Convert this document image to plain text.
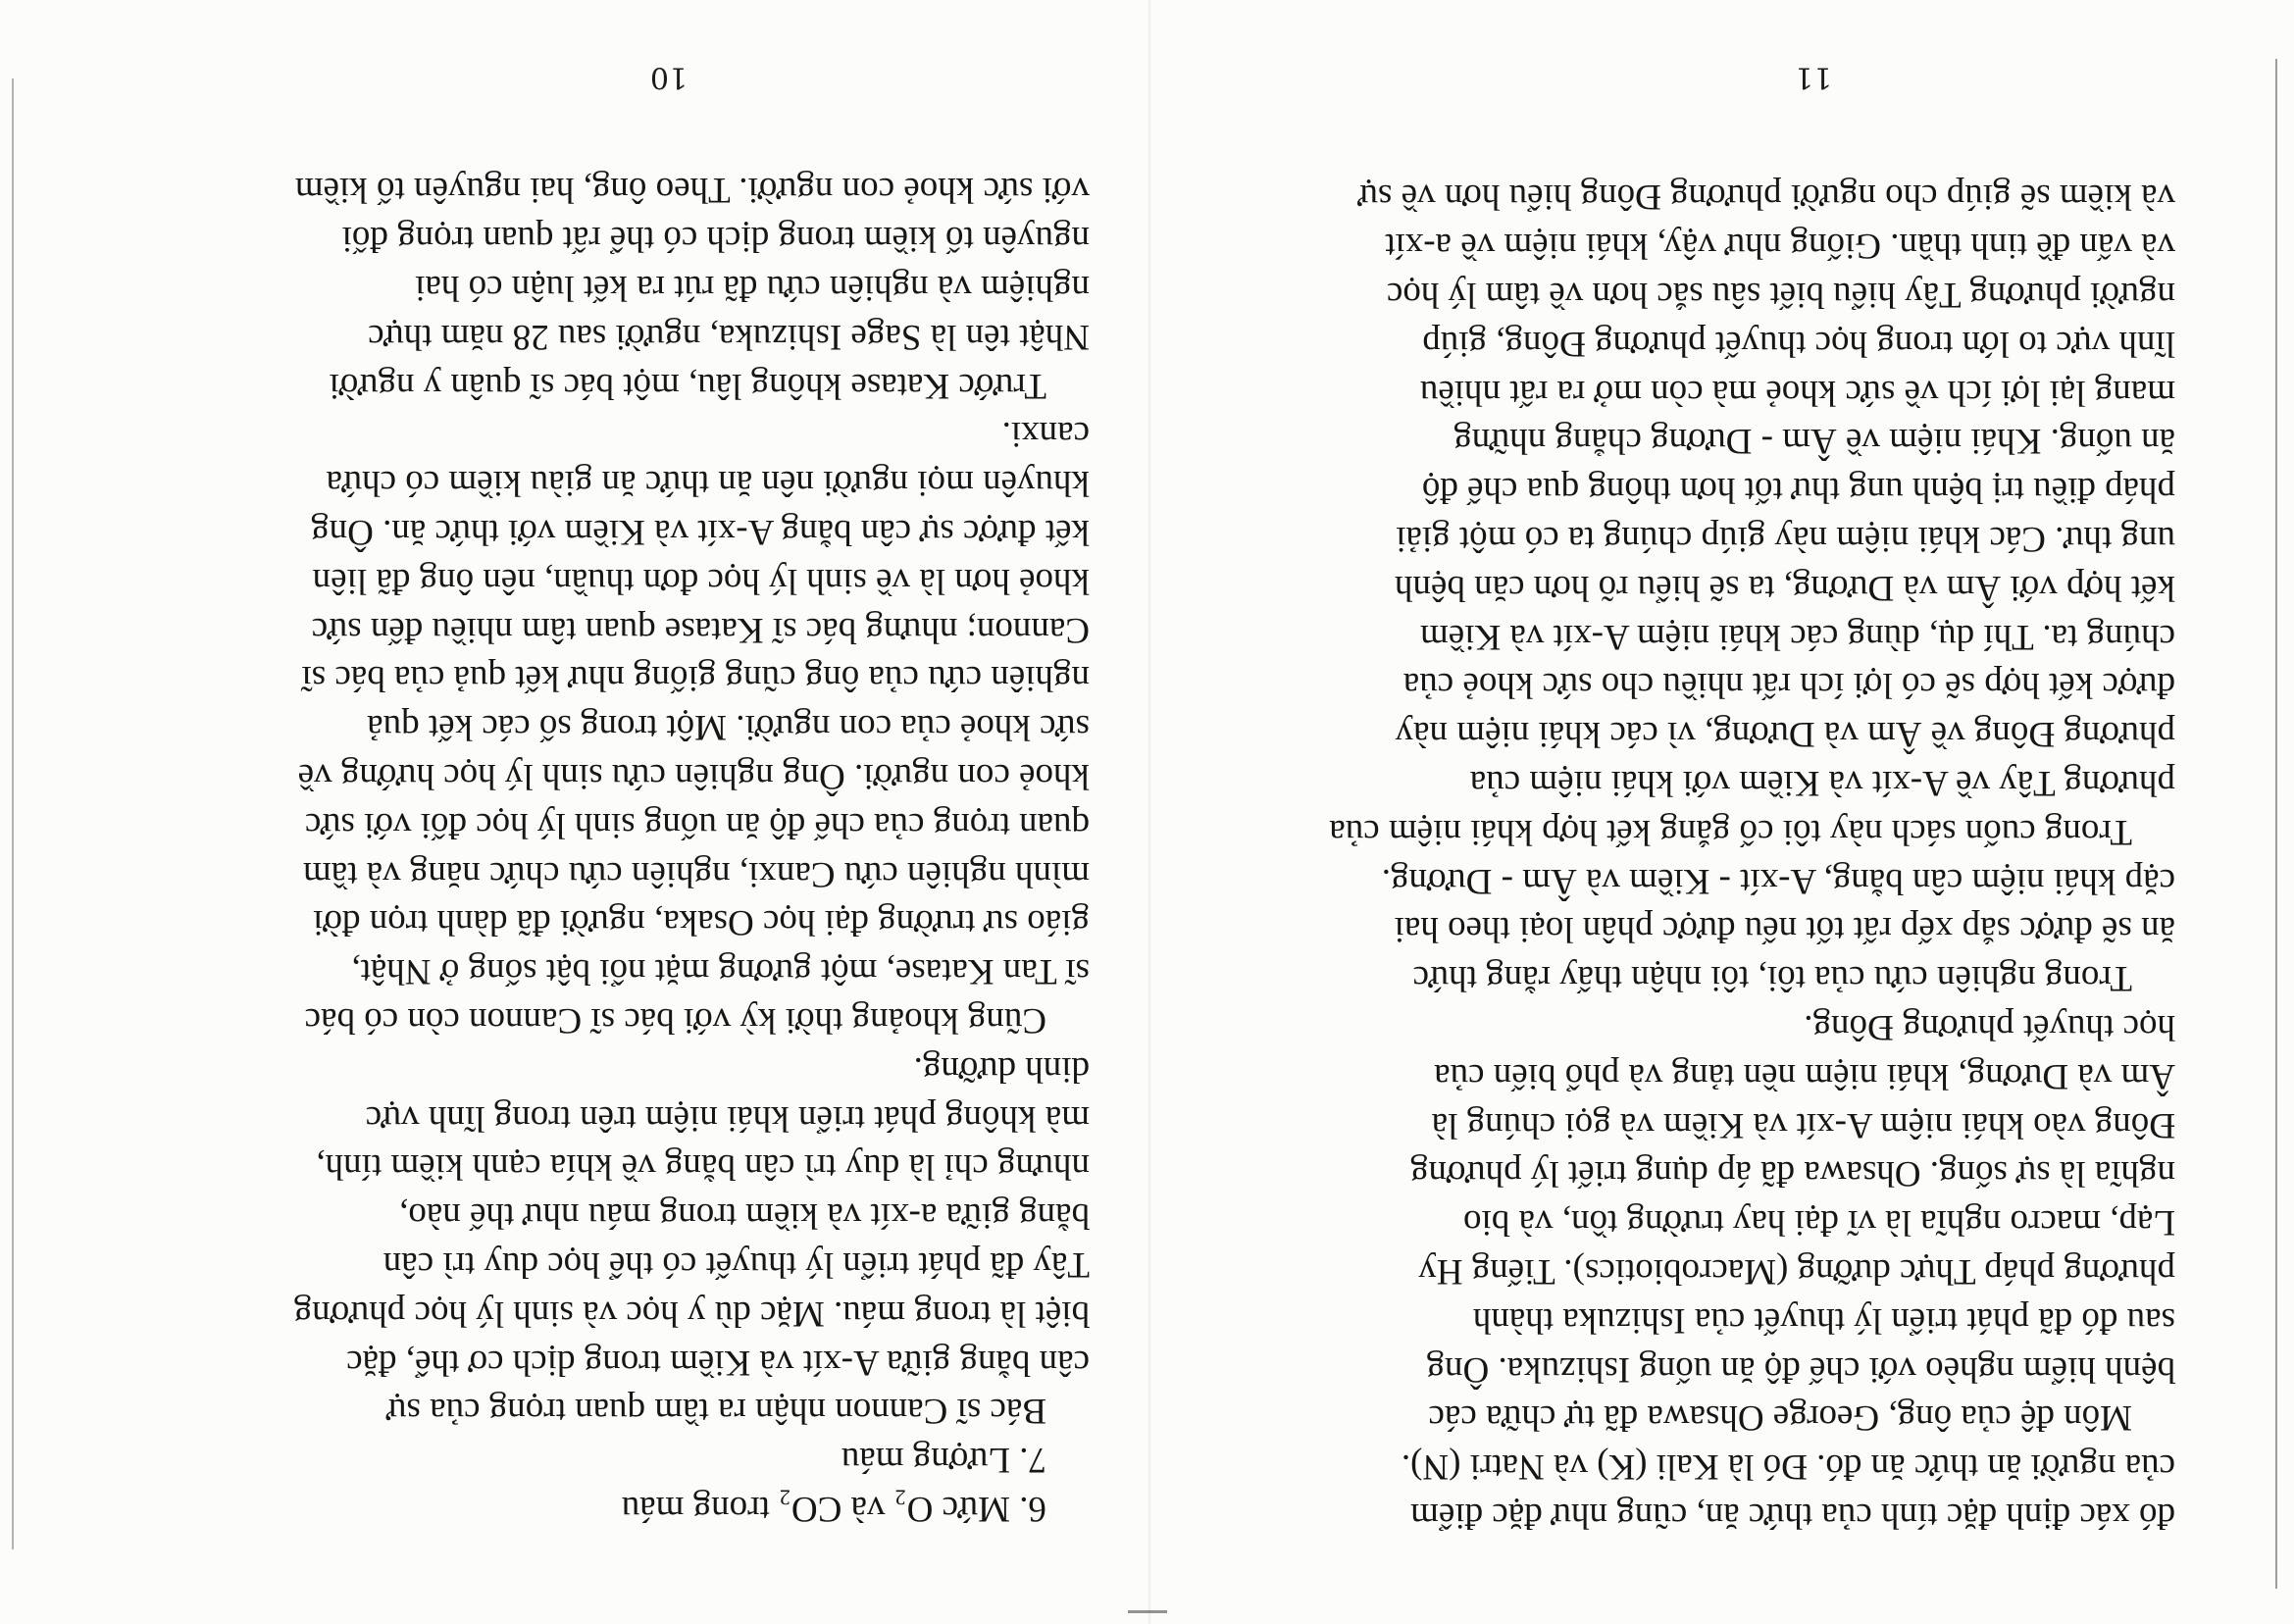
đó xác định đặc tính của thức ăn, cũng như đặc điểm
của người ăn thức ăn đó. Đó là Kali (K) và Natri (N).
Môn đệ của ông, George Ohsawa đã tự chữa các
bệnh hiểm nghèo với chế độ ăn uống Ishizuka. Ông
sau đó đã phát triển lý thuyết của Ishizuka thành
phương pháp Thực dưỡng (Macrobiotics). Tiếng Hy
Lạp, macro nghĩa là vĩ đại hay trường tồn, và bio
nghĩa là sự sống. Ohsawa đã áp dụng triết lý phương
Đông vào khái niệm A-xít và Kiềm và gọi chúng là
Âm và Dương, khái niệm nền tảng và phổ biến của
học thuyết phương Đông.
Trong nghiên cứu của tôi, tôi nhận thấy rằng thức
ăn sẽ được sắp xếp rất tốt nếu được phân loại theo hai
cặp khái niệm cân bằng, A-xít - Kiềm và Âm - Dương.
Trong cuốn sách này tôi cố gắng kết hợp khái niệm của
phương Tây về A-xít và Kiềm với khái niệm của
phương Đông về Âm và Dương, vì các khái niệm này
được kết hợp sẽ có lợi ích rất nhiều cho sức khoẻ của
chúng ta. Thí dụ, dùng các khái niệm A-xít và Kiềm
kết hợp với Âm và Dương, ta sẽ hiểu rõ hơn căn bệnh
ung thư. Các khái niệm này giúp chúng ta có một giải
pháp điều trị bệnh ung thư tốt hơn thông qua chế độ
ăn uống. Khái niệm về Âm - Dương chẳng những
mang lại lợi ích về sức khoẻ mà còn mở ra rất nhiều
lĩnh vực to lớn trong học thuyết phương Đông, giúp
người phương Tây hiểu biết sâu sắc hơn về tâm lý học
và vấn đề tinh thần. Giống như vậy, khái niệm về a-xít
và kiềm sẽ giúp cho người phương Đông hiểu hơn về sự
11
6. Mức O₂ và CO₂ trong máu
7. Lượng máu
Bác sĩ Cannon nhận ra tầm quan trọng của sự
cân bằng giữa A-xít và Kiềm trong dịch cơ thể, đặc
biệt là trong máu. Mặc dù y học và sinh lý học phương
Tây đã phát triển lý thuyết có thể học duy trì cân
bằng giữa a-xít và kiềm trong máu như thế nào,
nhưng chỉ là duy trì cân bằng về khía cạnh kiềm tính,
mà không phát triển khái niệm trên trong lĩnh vực
dinh dưỡng.
Cũng khoảng thời kỳ với bác sĩ Cannon còn có bác
sĩ Tan Katase, một gương mặt nổi bật sống ở Nhật,
giáo sư trường đại học Osaka, người đã dành trọn đời
mình nghiên cứu Canxi, nghiên cứu chức năng và tầm
quan trọng của chế độ ăn uống sinh lý học đối với sức
khoẻ con người. Ông nghiên cứu sinh lý học hướng về
sức khoẻ của con người. Một trong số các kết quả
nghiên cứu của ông cũng giống như kết quả của bác sĩ
Cannon; nhưng bác sĩ Katase quan tâm nhiều đến sức
khoẻ hơn là về sinh lý học đơn thuần, nên ông đã liên
kết được sự cân bằng A-xít và Kiềm với thức ăn. Ông
khuyên mọi người nên ăn thức ăn giàu kiềm có chứa
canxi.
Trước Katase không lâu, một bác sĩ quân y người
Nhật tên là Sage Ishizuka, người sau 28 năm thực
nghiệm và nghiên cứu đã rút ra kết luận có hai
nguyên tố kiềm trong dịch có thể rất quan trọng đối
với sức khoẻ con người. Theo ông, hai nguyên tố kiềm
10
